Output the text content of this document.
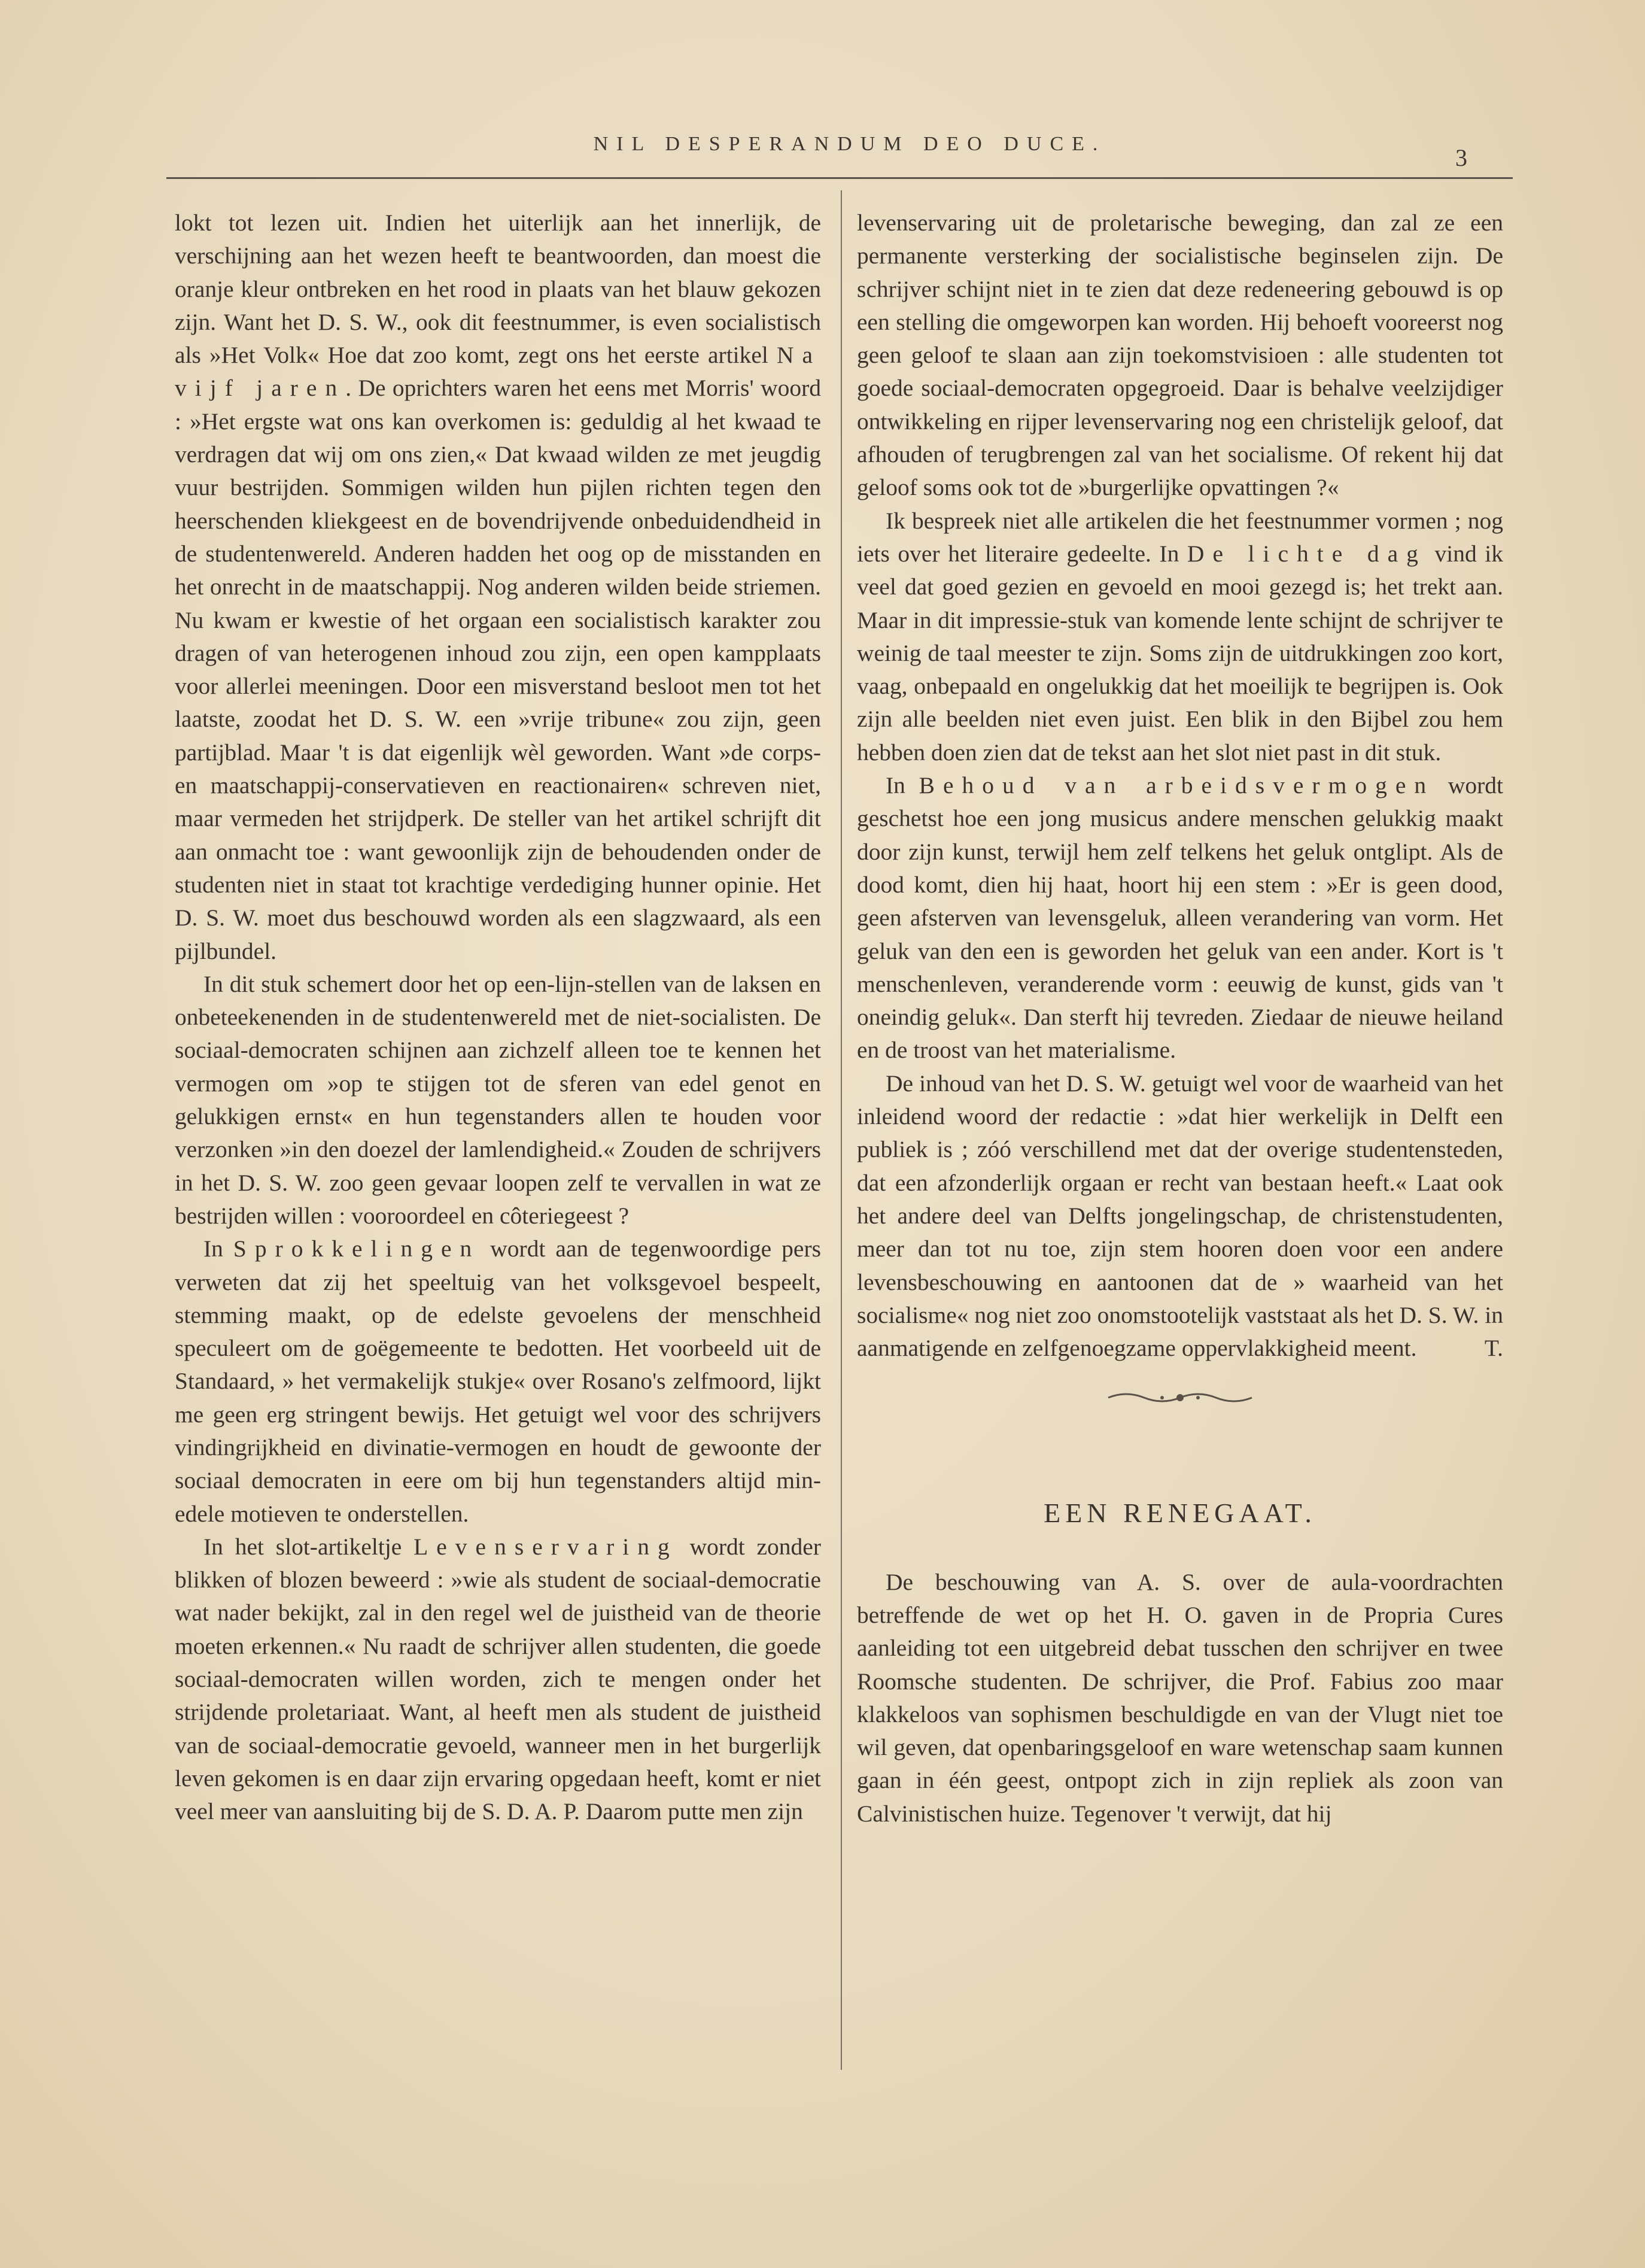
NIL DESPERANDUM DEO DUCE.
3

lokt tot lezen uit. Indien het uiterlijk aan het innerlijk, de verschijning aan het wezen heeft te beantwoorden, dan moest die oranje kleur ontbreken en het rood in plaats van het blauw gekozen zijn. Want het D. S. W., ook dit feestnummer, is even socialistisch als »Het Volk« Hoe dat zoo komt, zegt ons het eerste artikel Na vijf jaren. De oprichters waren het eens met Morris' woord : »Het ergste wat ons kan overkomen is: geduldig al het kwaad te verdragen dat wij om ons zien,« Dat kwaad wilden ze met jeugdig vuur bestrijden. Sommigen wilden hun pijlen richten tegen den heerschenden kliekgeest en de bovendrijvende onbeduidendheid in de studentenwereld. Anderen hadden het oog op de misstanden en het onrecht in de maatschappij. Nog anderen wilden beide striemen. Nu kwam er kwestie of het orgaan een socialistisch karakter zou dragen of van heterogenen inhoud zou zijn, een open kampplaats voor allerlei meeningen. Door een misverstand besloot men tot het laatste, zoodat het D. S. W. een »vrije tribune« zou zijn, geen partijblad. Maar 't is dat eigenlijk wèl geworden. Want »de corps- en maatschappij-conservatieven en reactionairen« schreven niet, maar vermeden het strijdperk. De steller van het artikel schrijft dit aan onmacht toe : want gewoonlijk zijn de behoudenden onder de studenten niet in staat tot krachtige verdediging hunner opinie. Het D. S. W. moet dus beschouwd worden als een slagzwaard, als een pijlbundel.

In dit stuk schemert door het op een-lijn-stellen van de laksen en onbeteekenenden in de studentenwereld met de niet-socialisten. De sociaal-democraten schijnen aan zichzelf alleen toe te kennen het vermogen om »op te stijgen tot de sferen van edel genot en gelukkigen ernst« en hun tegenstanders allen te houden voor verzonken »in den doezel der lamlendigheid.« Zouden de schrijvers in het D. S. W. zoo geen gevaar loopen zelf te vervallen in wat ze bestrijden willen : vooroordeel en côteriegeest ?

In Sprokkelingen wordt aan de tegenwoordige pers verweten dat zij het speeltuig van het volksgevoel bespeelt, stemming maakt, op de edelste gevoelens der menschheid speculeert om de goëgemeente te bedotten. Het voorbeeld uit de Standaard, » het vermakelijk stukje« over Rosano's zelfmoord, lijkt me geen erg stringent bewijs. Het getuigt wel voor des schrijvers vindingrijkheid en divinatie-vermogen en houdt de gewoonte der sociaal democraten in eere om bij hun tegenstanders altijd min-edele motieven te onderstellen.

In het slot-artikeltje Levenservaring wordt zonder blikken of blozen beweerd : »wie als student de sociaal-democratie wat nader bekijkt, zal in den regel wel de juistheid van de theorie moeten erkennen.« Nu raadt de schrijver allen studenten, die goede sociaal-democraten willen worden, zich te mengen onder het strijdende proletariaat. Want, al heeft men als student de juistheid van de sociaal-democratie gevoeld, wanneer men in het burgerlijk leven gekomen is en daar zijn ervaring opgedaan heeft, komt er niet veel meer van aansluiting bij de S. D. A. P. Daarom putte men zijn

levenservaring uit de proletarische beweging, dan zal ze een permanente versterking der socialistische beginselen zijn. De schrijver schijnt niet in te zien dat deze redeneering gebouwd is op een stelling die omgeworpen kan worden. Hij behoeft vooreerst nog geen geloof te slaan aan zijn toekomstvisioen : alle studenten tot goede sociaal-democraten opgegroeid. Daar is behalve veelzijdiger ontwikkeling en rijper levenservaring nog een christelijk geloof, dat afhouden of terugbrengen zal van het socialisme. Of rekent hij dat geloof soms ook tot de »burgerlijke opvattingen ?«

Ik bespreek niet alle artikelen die het feestnummer vormen ; nog iets over het literaire gedeelte. In De lichte dag vind ik veel dat goed gezien en gevoeld en mooi gezegd is; het trekt aan. Maar in dit impressie-stuk van komende lente schijnt de schrijver te weinig de taal meester te zijn. Soms zijn de uitdrukkingen zoo kort, vaag, onbepaald en ongelukkig dat het moeilijk te begrijpen is. Ook zijn alle beelden niet even juist. Een blik in den Bijbel zou hem hebben doen zien dat de tekst aan het slot niet past in dit stuk.

In Behoud van arbeidsvermogen wordt geschetst hoe een jong musicus andere menschen gelukkig maakt door zijn kunst, terwijl hem zelf telkens het geluk ontglipt. Als de dood komt, dien hij haat, hoort hij een stem : »Er is geen dood, geen afsterven van levensgeluk, alleen verandering van vorm. Het geluk van den een is geworden het geluk van een ander. Kort is 't menschenleven, veranderende vorm : eeuwig de kunst, gids van 't oneindig geluk«. Dan sterft hij tevreden. Ziedaar de nieuwe heiland en de troost van het materialisme.

De inhoud van het D. S. W. getuigt wel voor de waarheid van het inleidend woord der redactie : »dat hier werkelijk in Delft een publiek is ; zóó verschillend met dat der overige studentensteden, dat een afzonderlijk orgaan er recht van bestaan heeft.« Laat ook het andere deel van Delfts jongelingschap, de christenstudenten, meer dan tot nu toe, zijn stem hooren doen voor een andere levensbeschouwing en aantoonen dat de » waarheid van het socialisme« nog niet zoo onomstootelijk vaststaat als het D. S. W. in aanmatigende en zelfgenoegzame oppervlakkigheid meent.	T.

EEN RENEGAAT.

De beschouwing van A. S. over de aula-voordrachten betreffende de wet op het H. O. gaven in de Propria Cures aanleiding tot een uitgebreid debat tusschen den schrijver en twee Roomsche studenten. De schrijver, die Prof. Fabius zoo maar klakkeloos van sophismen beschuldigde en van der Vlugt niet toe wil geven, dat openbaringsgeloof en ware wetenschap saam kunnen gaan in één geest, ontpopt zich in zijn repliek als zoon van Calvinistischen huize. Tegenover 't verwijt, dat hij
